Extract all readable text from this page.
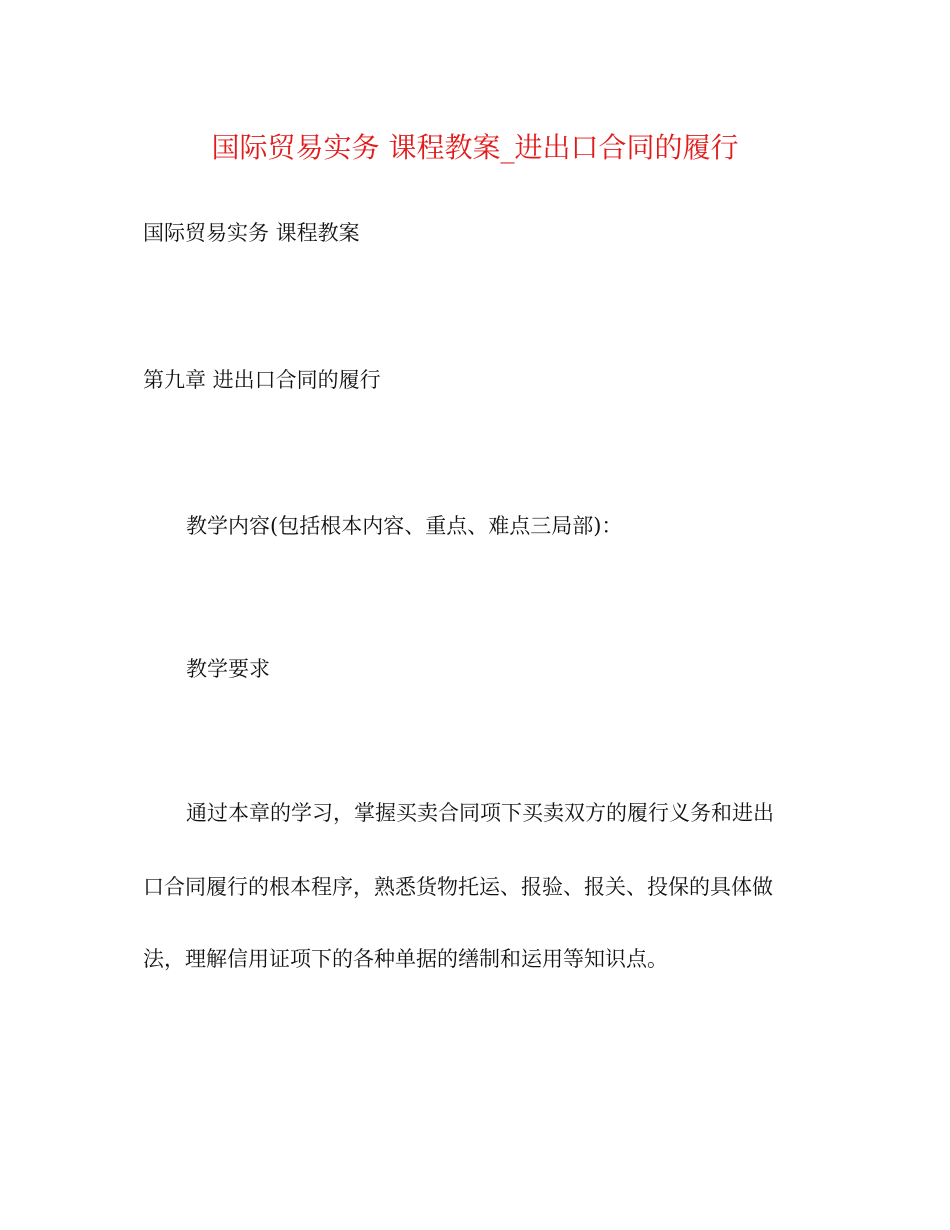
国际贸易实务 课程教案_进出口合同的履行
国际贸易实务 课程教案
第九章 进出口合同的履行
教学内容(包括根本内容、重点、难点三局部)：
教学要求
通过本章的学习，掌握买卖合同项下买卖双方的履行义务和进出
口合同履行的根本程序，熟悉货物托运、报验、报关、投保的具体做
法，理解信用证项下的各种单据的缮制和运用等知识点。
